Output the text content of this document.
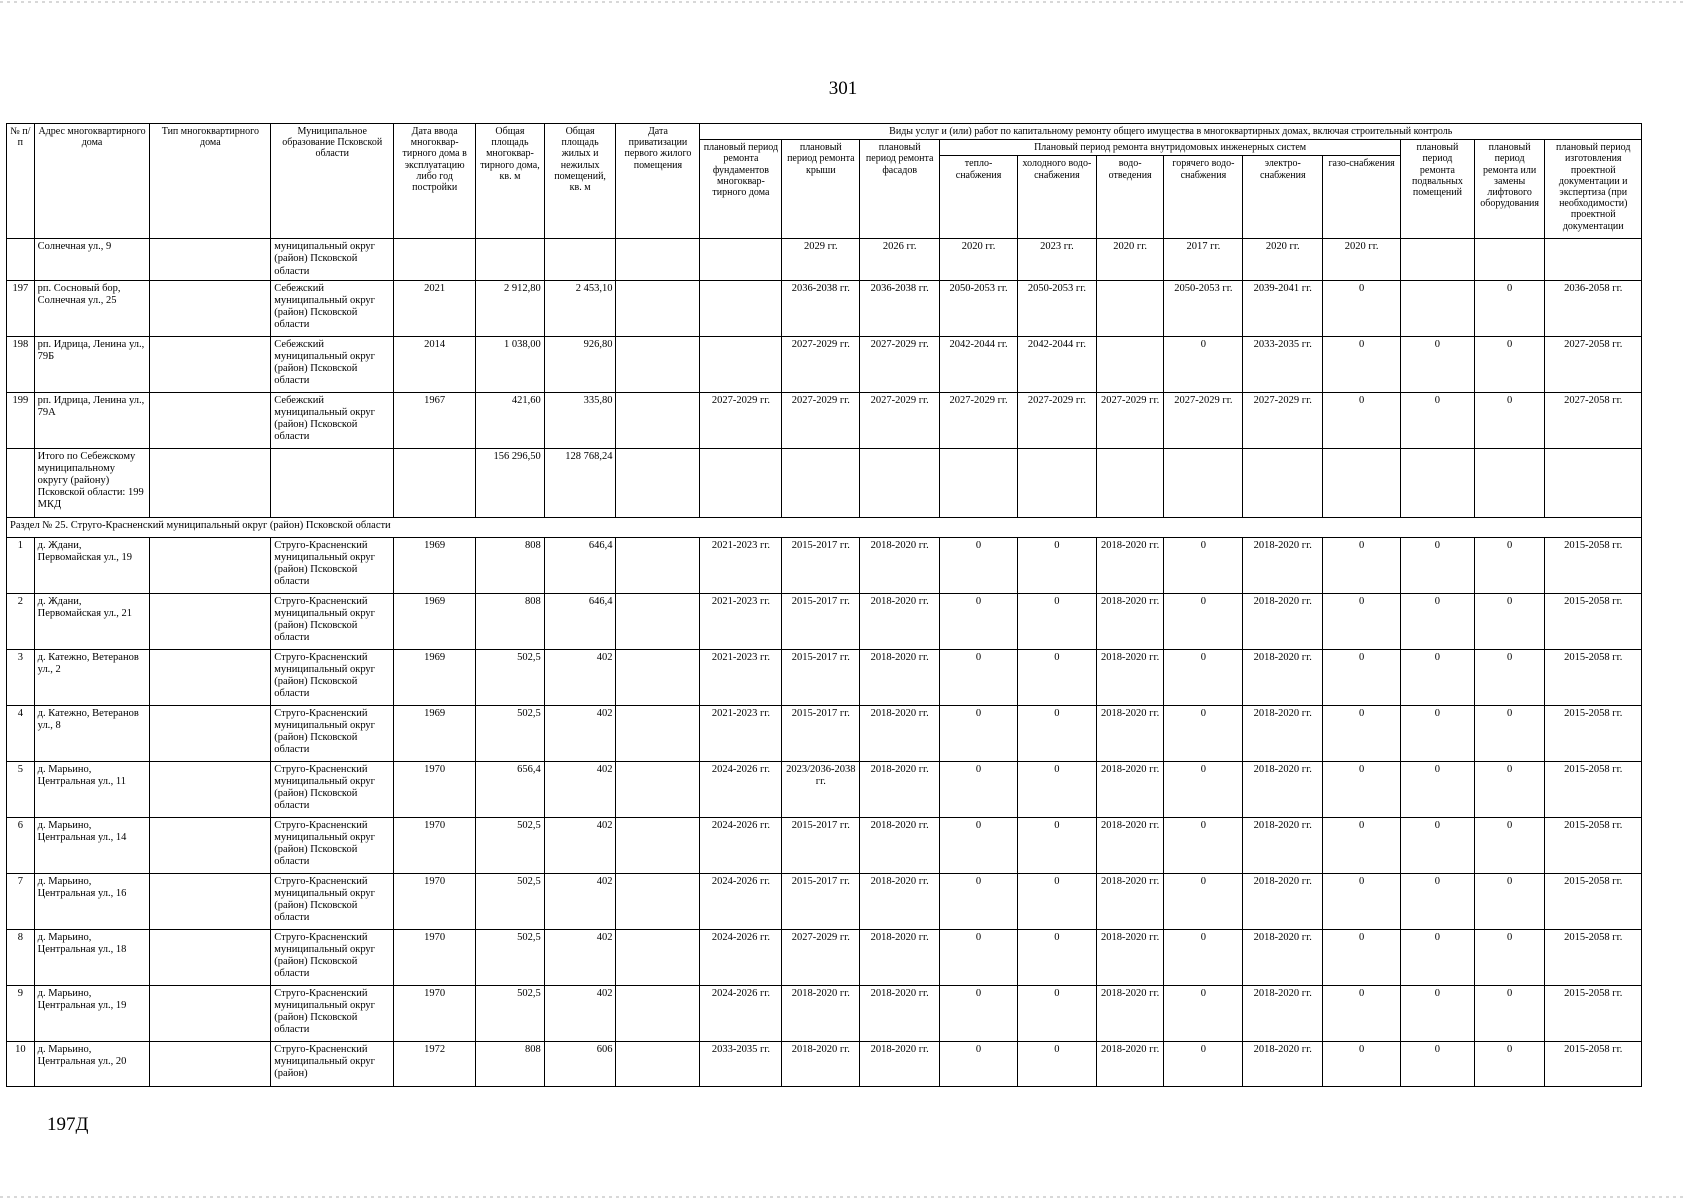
301
№ п/п	Адрес многоквартирного дома	Тип многоквартирного дома	Муниципальное образование Псковской области	Дата ввода многоквар-тирного дома в эксплуатацию либо год постройки	Общая площадь многоквар-тирного дома, кв. м	Общая площадь жилых и нежилых помещений, кв. м	Дата приватизации первого жилого помещения	Виды услуг и (или) работ по капитальному ремонту общего имущества в многоквартирных домах, включая строительный контроль											
								плановый период ремонта фундаментов многоквар-тирного дома	плановый период ремонта крыши	плановый период ремонта фасадов	Плановый период ремонта внутридомовых инженерных систем						плановый период ремонта подвальных помещений	плановый период ремонта или замены лифтового оборудования	плановый период изготовления проектной документации и экспертиза (при необходимости) проектной документации
											тепло-снабжения	холодного водо-снабжения	водо-отведения	горячего водо-снабжения	электро-снабжения	газо-снабжения			
	Солнечная ул., 9		муниципальный округ (район) Псковской области						2029 гг.	2026 гг.	2020 гг.	2023 гг.	2020 гг.	2017 гг.	2020 гг.	2020 гг.			
197	рп. Сосновый бор, Солнечная ул., 25		Себежский муниципальный округ (район) Псковской области	2021	2 912,80	2 453,10			2036-2038 гг.	2036-2038 гг.	2050-2053 гг.	2050-2053 гг.		2050-2053 гг.	2039-2041 гг.	0		0	2036-2058 гг.
198	рп. Идрица, Ленина ул., 79Б		Себежский муниципальный округ (район) Псковской области	2014	1 038,00	926,80			2027-2029 гг.	2027-2029 гг.	2042-2044 гг.	2042-2044 гг.		0	2033-2035 гг.	0	0	0	2027-2058 гг.
199	рп. Идрица, Ленина ул., 79А		Себежский муниципальный округ (район) Псковской области	1967	421,60	335,80		2027-2029 гг.	2027-2029 гг.	2027-2029 гг.	2027-2029 гг.	2027-2029 гг.	2027-2029 гг.	2027-2029 гг.	2027-2029 гг.	0	0	0	2027-2058 гг.
	Итого по Себежскому муниципальному округу (району) Псковской области: 199 МКД				156 296,50	128 768,24													
Раздел № 25. Струго-Красненский муниципальный округ (район) Псковской области																			
1	д. Ждани, Первомайская ул., 19		Струго-Красненский муниципальный округ (район) Псковской области	1969	808	646,4		2021-2023 гг.	2015-2017 гг.	2018-2020 гг.	0	0	2018-2020 гг.	0	2018-2020 гг.	0	0	0	2015-2058 гг.
2	д. Ждани, Первомайская ул., 21		Струго-Красненский муниципальный округ (район) Псковской области	1969	808	646,4		2021-2023 гг.	2015-2017 гг.	2018-2020 гг.	0	0	2018-2020 гг.	0	2018-2020 гг.	0	0	0	2015-2058 гг.
3	д. Катежно, Ветеранов ул., 2		Струго-Красненский муниципальный округ (район) Псковской области	1969	502,5	402		2021-2023 гг.	2015-2017 гг.	2018-2020 гг.	0	0	2018-2020 гг.	0	2018-2020 гг.	0	0	0	2015-2058 гг.
4	д. Катежно, Ветеранов ул., 8		Струго-Красненский муниципальный округ (район) Псковской области	1969	502,5	402		2021-2023 гг.	2015-2017 гг.	2018-2020 гг.	0	0	2018-2020 гг.	0	2018-2020 гг.	0	0	0	2015-2058 гг.
5	д. Марьино, Центральная ул., 11		Струго-Красненский муниципальный округ (район) Псковской области	1970	656,4	402		2024-2026 гг.	2023/2036-2038 гг.	2018-2020 гг.	0	0	2018-2020 гг.	0	2018-2020 гг.	0	0	0	2015-2058 гг.
6	д. Марьино, Центральная ул., 14		Струго-Красненский муниципальный округ (район) Псковской области	1970	502,5	402		2024-2026 гг.	2015-2017 гг.	2018-2020 гг.	0	0	2018-2020 гг.	0	2018-2020 гг.	0	0	0	2015-2058 гг.
7	д. Марьино, Центральная ул., 16		Струго-Красненский муниципальный округ (район) Псковской области	1970	502,5	402		2024-2026 гг.	2015-2017 гг.	2018-2020 гг.	0	0	2018-2020 гг.	0	2018-2020 гг.	0	0	0	2015-2058 гг.
8	д. Марьино, Центральная ул., 18		Струго-Красненский муниципальный округ (район) Псковской области	1970	502,5	402		2024-2026 гг.	2027-2029 гг.	2018-2020 гг.	0	0	2018-2020 гг.	0	2018-2020 гг.	0	0	0	2015-2058 гг.
9	д. Марьино, Центральная ул., 19		Струго-Красненский муниципальный округ (район) Псковской области	1970	502,5	402		2024-2026 гг.	2018-2020 гг.	2018-2020 гг.	0	0	2018-2020 гг.	0	2018-2020 гг.	0	0	0	2015-2058 гг.
10	д. Марьино, Центральная ул., 20		Струго-Красненский муниципальный округ (район)	1972	808	606		2033-2035 гг.	2018-2020 гг.	2018-2020 гг.	0	0	2018-2020 гг.	0	2018-2020 гг.	0	0	0	2015-2058 гг.
197Д
